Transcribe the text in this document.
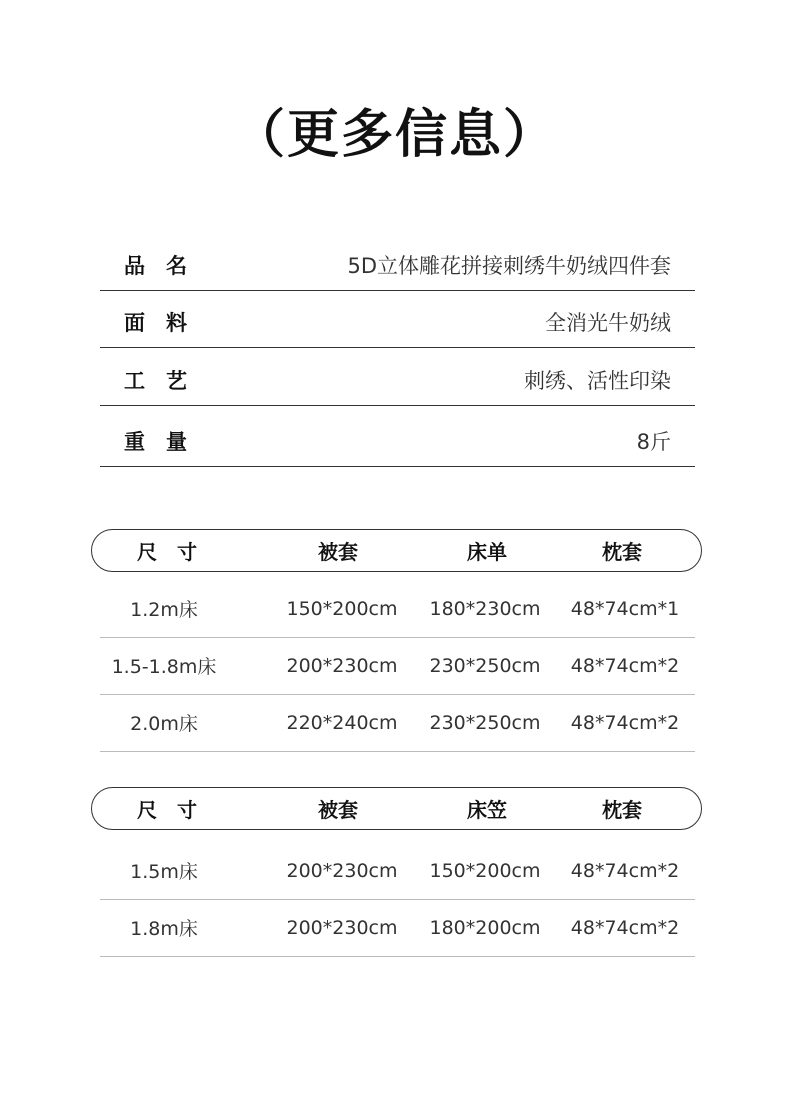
（更多信息）
品　名	5D立体雕花拼接刺绣牛奶绒四件套
面　料	全消光牛奶绒
工　艺	刺绣、活性印染
重　量	8斤
尺　寸	被套	床单	枕套
1.2m床	150*200cm	180*230cm	48*74cm*1
1.5-1.8m床	200*230cm	230*250cm	48*74cm*2
2.0m床	220*240cm	230*250cm	48*74cm*2
尺　寸	被套	床笠	枕套
1.5m床	200*230cm	150*200cm	48*74cm*2
1.8m床	200*230cm	180*200cm	48*74cm*2
